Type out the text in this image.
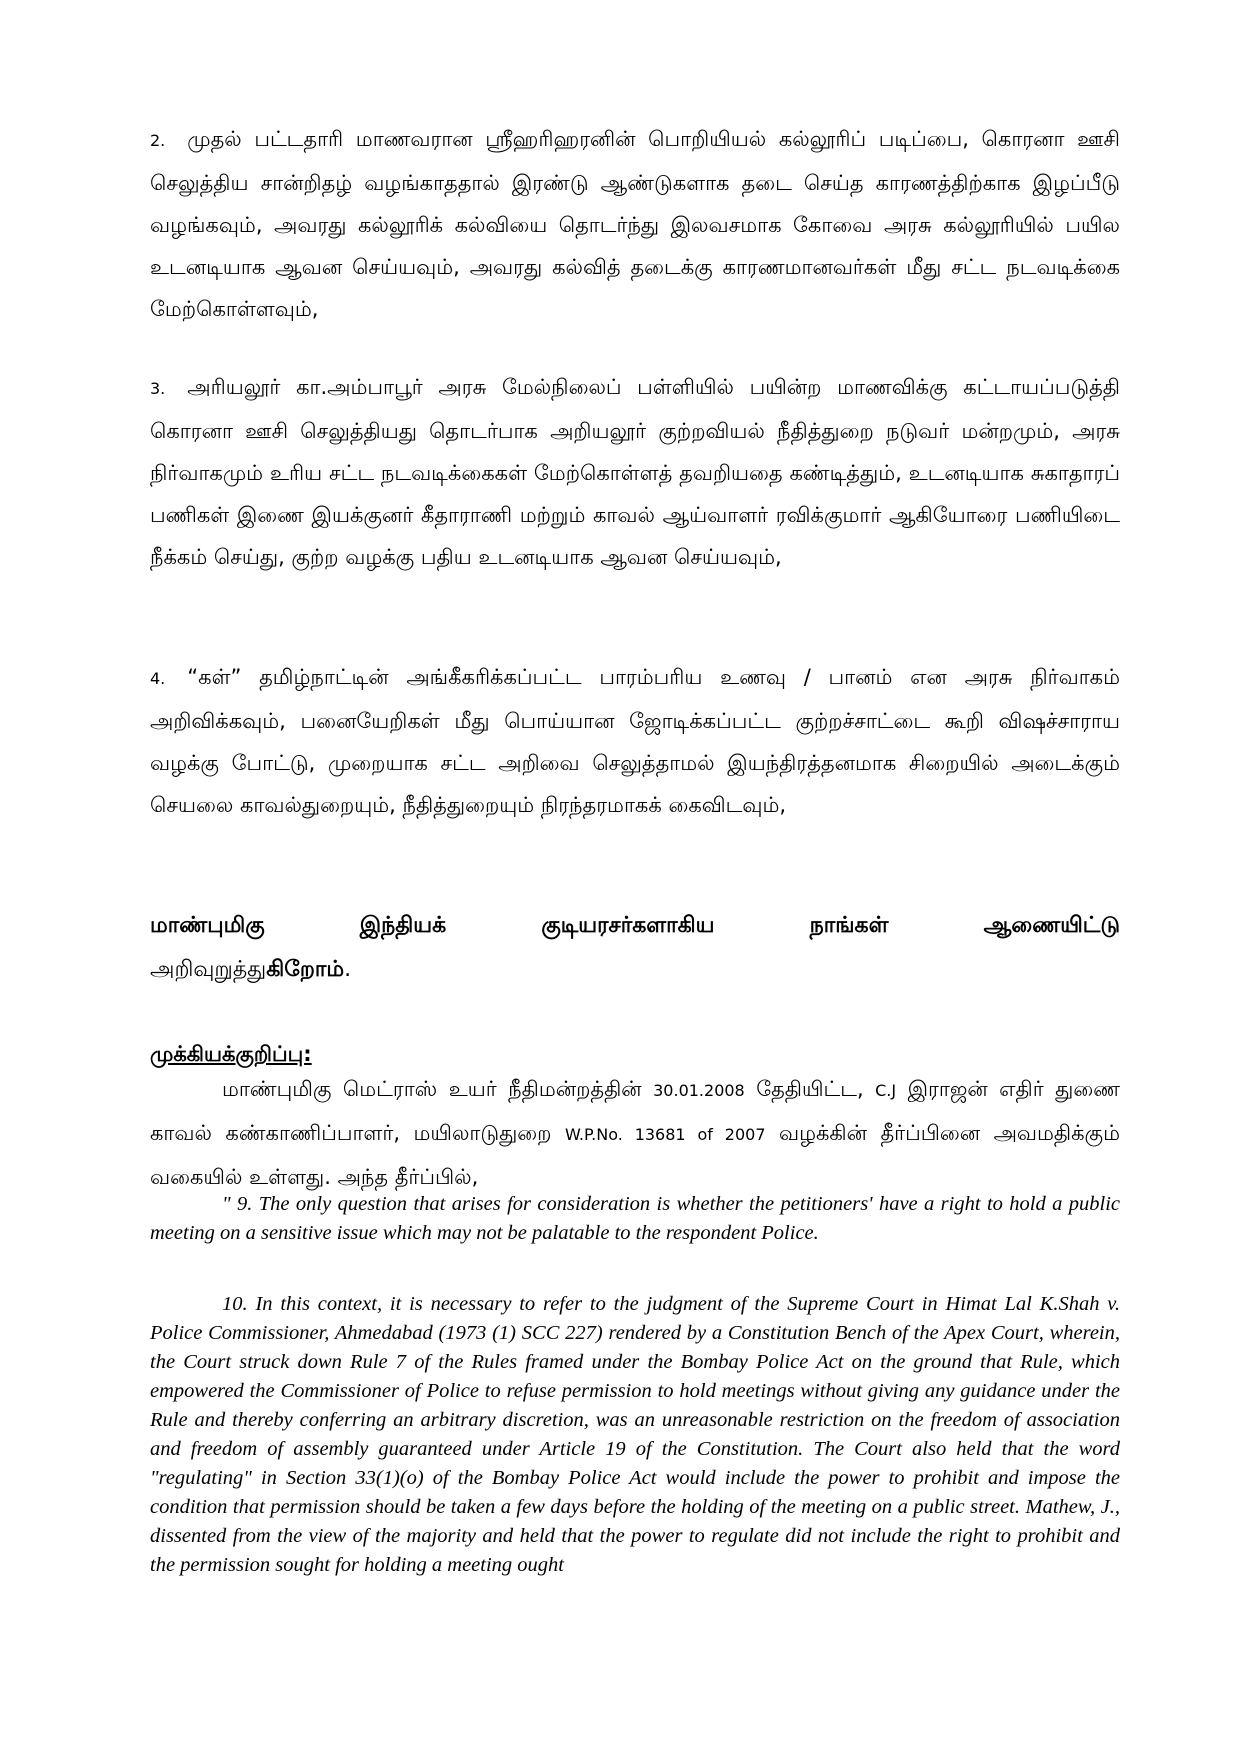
2. முதல் பட்டதாரி மாணவரான ஸ்ரீஹரிஹரனின் பொறியியல் கல்லூரிப் படிப்பை, கொரனா ஊசி செலுத்திய சான்றிதழ் வழங்காததால் இரண்டு ஆண்டுகளாக தடை செய்த காரணத்திற்காக இழப்பீடு வழங்கவும், அவரது கல்லூரிக் கல்வியை தொடர்ந்து இலவசமாக கோவை அரசு கல்லூரியில் பயில உடனடியாக ஆவன செய்யவும், அவரது கல்வித் தடைக்கு காரணமானவர்கள் மீது சட்ட நடவடிக்கை மேற்கொள்ளவும்,
3. அரியலூர் கா.அம்பாபூர் அரசு மேல்நிலைப் பள்ளியில் பயின்ற மாணவிக்கு கட்டாயப்படுத்தி கொரனா ஊசி செலுத்தியது தொடர்பாக அறியலூர் குற்றவியல் நீதித்துறை நடுவர் மன்றமும், அரசு நிர்வாகமும் உரிய சட்ட நடவடிக்கைகள் மேற்கொள்ளத் தவறியதை கண்டித்தும், உடனடியாக சுகாதாரப் பணிகள் இணை இயக்குனர் கீதாராணி மற்றும் காவல் ஆய்வாளர் ரவிக்குமார் ஆகியோரை பணியிடை நீக்கம் செய்து, குற்ற வழக்கு பதிய உடனடியாக ஆவன செய்யவும்,
4. “கள்” தமிழ்நாட்டின் அங்கீகரிக்கப்பட்ட பாரம்பரிய உணவு / பானம் என அரசு நிர்வாகம் அறிவிக்கவும், பனையேறிகள் மீது பொய்யான ஜோடிக்கப்பட்ட குற்றச்சாட்டை கூறி விஷச்சாராய வழக்கு போட்டு, முறையாக சட்ட அறிவை செலுத்தாமல் இயந்திரத்தனமாக சிறையில் அடைக்கும் செயலை காவல்துறையும், நீதித்துறையும் நிரந்தரமாகக் கைவிடவும்,
மாண்புமிகு	இந்தியக்	குடியரசர்களாகிய	நாங்கள்	ஆணையிட்டு
அறிவுறுத்துகிறோம்.
முக்கியக்குறிப்பு:
மாண்புமிகு மெட்ராஸ் உயர் நீதிமன்றத்தின் 30.01.2008 தேதியிட்ட, C.J இராஜன் எதிர் துணை காவல் கண்காணிப்பாளர், மயிலாடுதுறை W.P.No. 13681 of 2007 வழக்கின் தீர்ப்பினை அவமதிக்கும் வகையில் உள்ளது. அந்த தீர்ப்பில்,
" 9. The only question that arises for consideration is whether the petitioners' have a right to hold a public meeting on a sensitive issue which may not be palatable to the respondent Police.
10. In this context, it is necessary to refer to the judgment of the Supreme Court in Himat Lal K.Shah v. Police Commissioner, Ahmedabad (1973 (1) SCC 227) rendered by a Constitution Bench of the Apex Court, wherein, the Court struck down Rule 7 of the Rules framed under the Bombay Police Act on the ground that Rule, which empowered the Commissioner of Police to refuse permission to hold meetings without giving any guidance under the Rule and thereby conferring an arbitrary discretion, was an unreasonable restriction on the freedom of association and freedom of assembly guaranteed under Article 19 of the Constitution. The Court also held that the word "regulating" in Section 33(1)(o) of the Bombay Police Act would include the power to prohibit and impose the condition that permission should be taken a few days before the holding of the meeting on a public street. Mathew, J., dissented from the view of the majority and held that the power to regulate did not include the right to prohibit and the permission sought for holding a meeting ought
